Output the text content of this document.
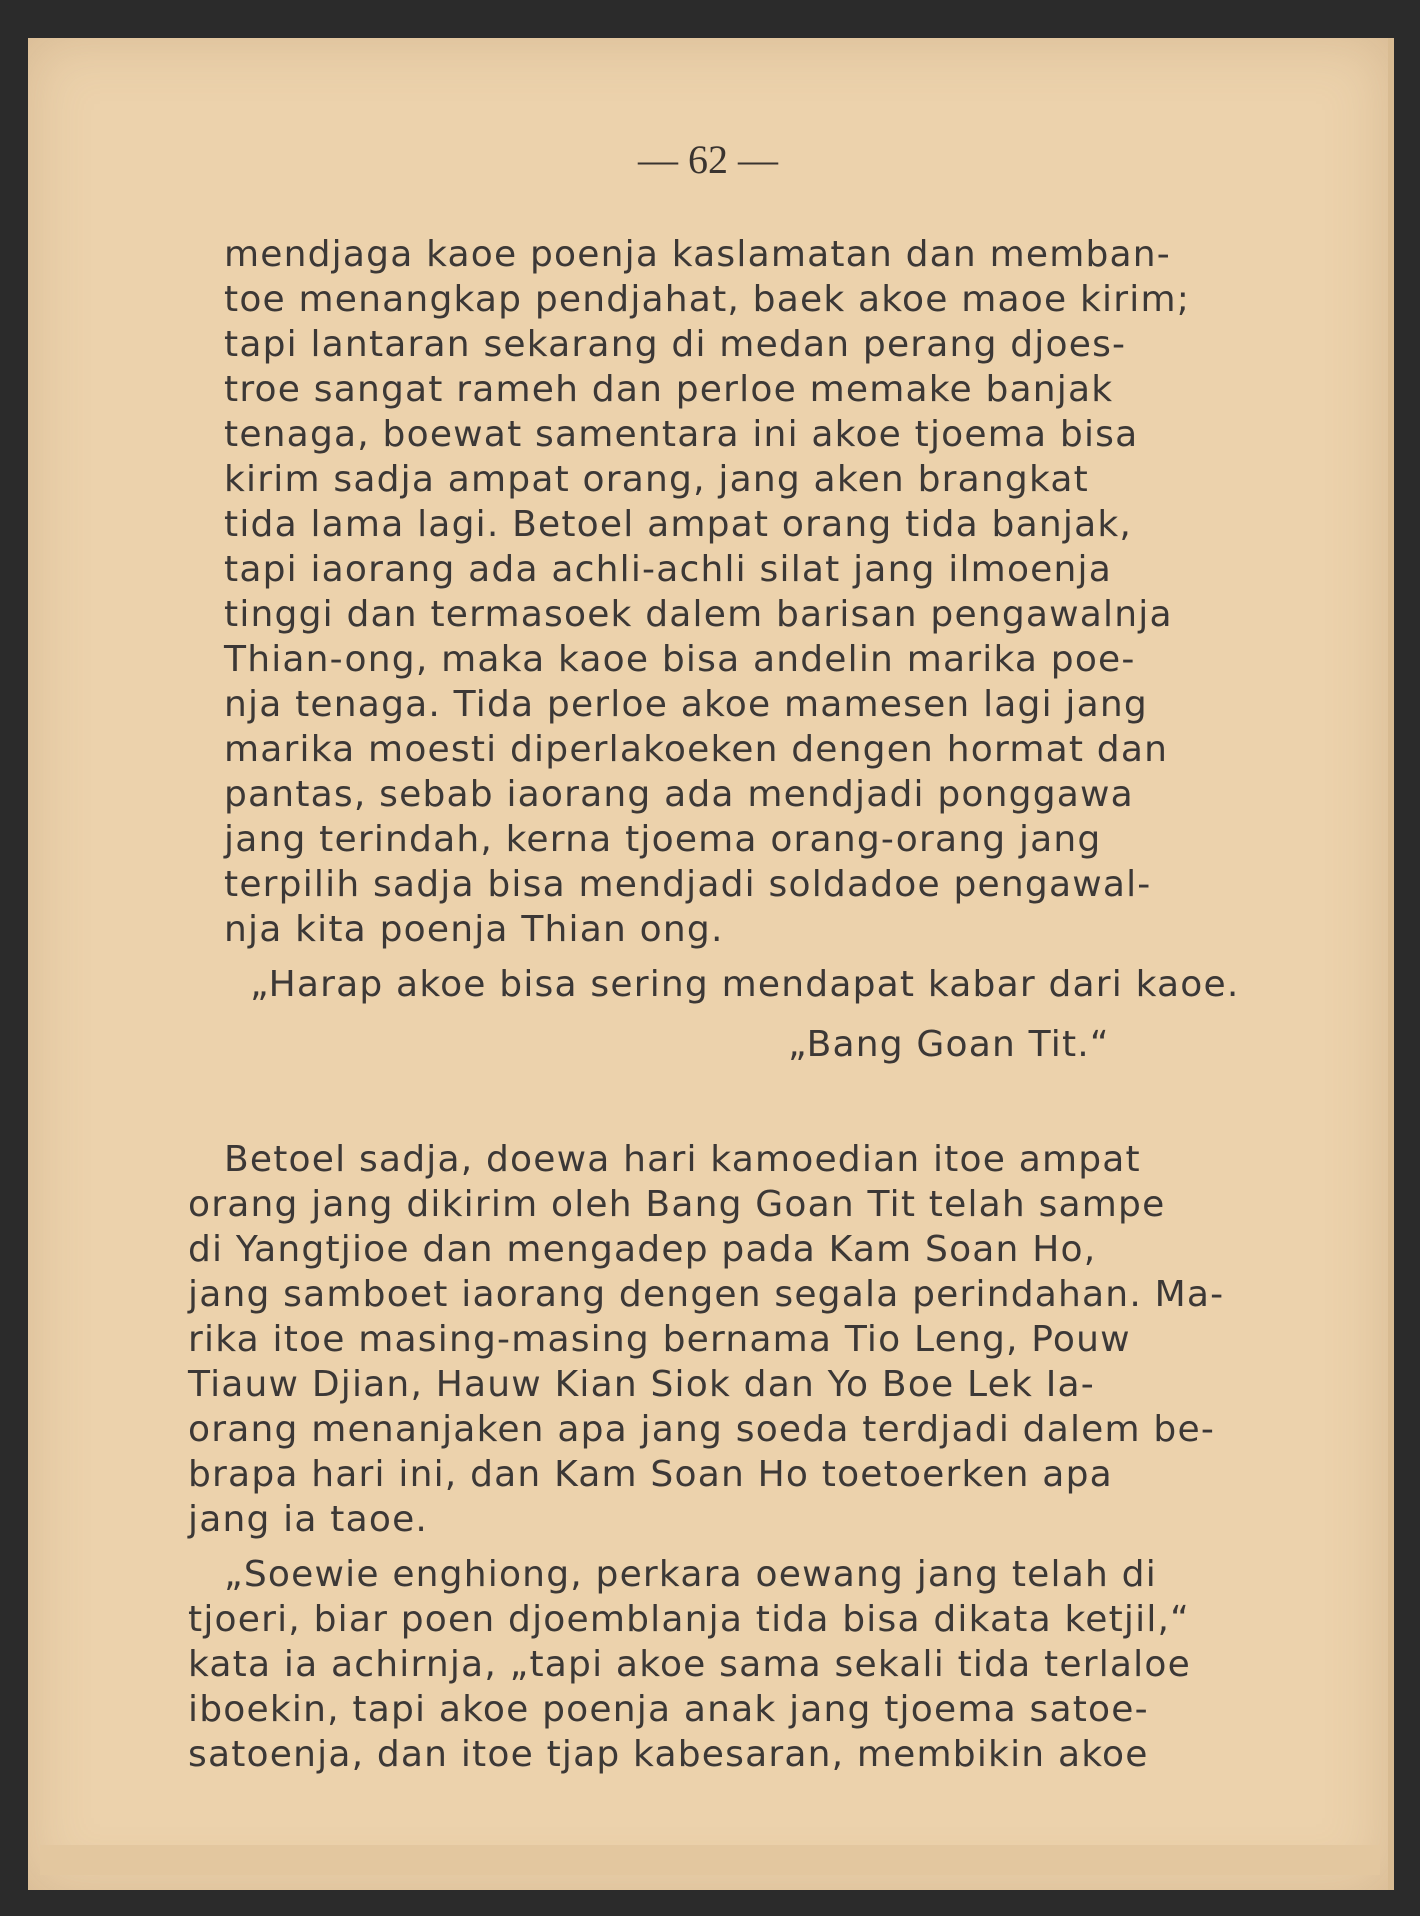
— 62 —
mendjaga kaoe poenja kaslamatan dan memban-
toe menangkap pendjahat, baek akoe maoe kirim;
tapi lantaran sekarang di medan perang djoes-
troe sangat rameh dan perloe memake banjak
tenaga, boewat samentara ini akoe tjoema bisa
kirim sadja ampat orang, jang aken brangkat
tida lama lagi. Betoel ampat orang tida banjak,
tapi iaorang ada achli-achli silat jang ilmoenja
tinggi dan termasoek dalem barisan pengawalnja
Thian-ong, maka kaoe bisa andelin marika poe-
nja tenaga. Tida perloe akoe mamesen lagi jang
marika moesti diperlakoeken dengen hormat dan
pantas, sebab iaorang ada mendjadi ponggawa
jang terindah, kerna tjoema orang-orang jang
terpilih sadja bisa mendjadi soldadoe pengawal-
nja kita poenja Thian ong.
„Harap akoe bisa sering mendapat kabar dari kaoe.
„Bang Goan Tit.“
Betoel sadja, doewa hari kamoedian itoe ampat
orang jang dikirim oleh Bang Goan Tit telah sampe
di Yangtjioe dan mengadep pada Kam Soan Ho,
jang samboet iaorang dengen segala perindahan. Ma-
rika itoe masing-masing bernama Tio Leng, Pouw
Tiauw Djian, Hauw Kian Siok dan Yo Boe Lek Ia-
orang menanjaken apa jang soeda terdjadi dalem be-
brapa hari ini, dan Kam Soan Ho toetoerken apa
jang ia taoe.
„Soewie enghiong, perkara oewang jang telah di
tjoeri, biar poen djoemblanja tida bisa dikata ketjil,“
kata ia achirnja, „tapi akoe sama sekali tida terlaloe
iboekin, tapi akoe poenja anak jang tjoema satoe-
satoenja, dan itoe tjap kabesaran, membikin akoe
